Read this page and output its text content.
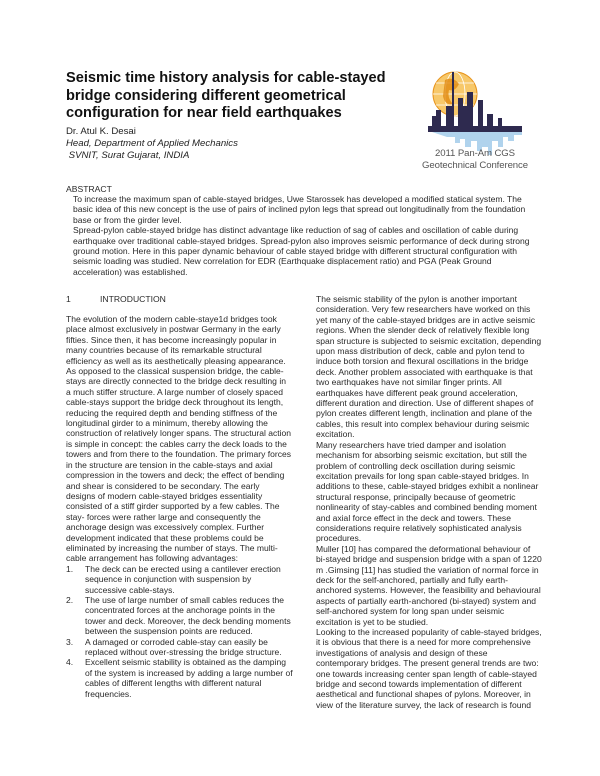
Seismic time history analysis for cable-stayed
bridge considering different geometrical
configuration for near field earthquakes
Dr. Atul K. Desai
Head, Department of Applied Mechanics
SVNIT, Surat Gujarat, INDIA	2011 Pan-Am CGS
Geotechnical Conference
ABSTRACT
To increase the maximum span of cable-stayed bridges, Uwe Starossek has developed a modified statical system. The
basic idea of this new concept is the use of pairs of inclined pylon legs that spread out longitudinally from the foundation
base or from the girder level.
Spread-pylon cable-stayed bridge has distinct advantage like reduction of sag of cables and oscillation of cable during
earthquake over traditional cable-stayed bridges. Spread-pylon also improves seismic performance of deck during strong
ground motion. Here in this paper dynamic behaviour of cable stayed bridge with different structural configuration with
seismic loading was studied. New correlation for EDR (Earthquake displacement ratio) and PGA (Peak Ground
acceleration) was established.
1	INTRODUCTION
The evolution of the modern cable-staye1d bridges took
place almost exclusively in postwar Germany in the early
fifties. Since then, it has become increasingly popular in
many countries because of its remarkable structural
efficiency as well as its aesthetically pleasing appearance.
As opposed to the classical suspension bridge, the cable-
stays are directly connected to the bridge deck resulting in
a much stiffer structure. A large number of closely spaced
cable-stays support the bridge deck throughout its length,
reducing the required depth and bending stiffness of the
longitudinal girder to a minimum, thereby allowing the
construction of relatively longer spans. The structural action
is simple in concept: the cables carry the deck loads to the
towers and from there to the foundation. The primary forces
in the structure are tension in the cable-stays and axial
compression in the towers and deck; the effect of bending
and shear is considered to be secondary. The early
designs of modern cable-stayed bridges essentiality
consisted of a stiff girder supported by a few cables. The
stay- forces were rather large and consequently the
anchorage design was excessively complex. Further
development indicated that these problems could be
eliminated by increasing the number of stays. The multi-
cable arrangement has following advantages:
1.	The deck can be erected using a cantilever erection
sequence in conjunction with suspension by
successive cable-stays.
2.	The use of large number of small cables reduces the
concentrated forces at the anchorage points in the
tower and deck. Moreover, the deck bending moments
between the suspension points are reduced.
3.	A damaged or corroded cable-stay can easily be
replaced without over-stressing the bridge structure.
4.	Excellent seismic stability is obtained as the damping
of the system is increased by adding a large number of
cables of different lengths with different natural
frequencies.
The seismic stability of the pylon is another important
consideration. Very few researchers have worked on this
yet many of the cable-stayed bridges are in active seismic
regions. When the slender deck of relatively flexible long
span structure is subjected to seismic excitation, depending
upon mass distribution of deck, cable and pylon tend to
induce both torsion and flexural oscillations in the bridge
deck. Another problem associated with earthquake is that
two earthquakes have not similar finger prints. All
earthquakes have different peak ground acceleration,
different duration and direction. Use of different shapes of
pylon creates different length, inclination and plane of the
cables, this result into complex behaviour during seismic
excitation.
Many researchers have tried damper and isolation
mechanism for absorbing seismic excitation, but still the
problem of controlling deck oscillation during seismic
excitation prevails for long span cable-stayed bridges. In
additions to these, cable-stayed bridges exhibit a nonlinear
structural response, principally because of geometric
nonlinearity of stay-cables and combined bending moment
and axial force effect in the deck and towers. These
considerations require relatively sophisticated analysis
procedures.
Muller [10] has compared the deformational behaviour of
bi-stayed bridge and suspension bridge with a span of 1220
m .Gimsing [11] has studied the variation of normal force in
deck for the self-anchored, partially and fully earth-
anchored systems. However, the feasibility and behavioural
aspects of partially earth-anchored (bi-stayed) system and
self-anchored system for long span under seismic
excitation is yet to be studied.
Looking to the increased popularity of cable-stayed bridges,
it is obvious that there is a need for more comprehensive
investigations of analysis and design of these
contemporary bridges. The present general trends are two:
one towards increasing center span length of cable-stayed
bridge and second towards implementation of different
aesthetical and functional shapes of pylons. Moreover, in
view of the literature survey, the lack of research is found
